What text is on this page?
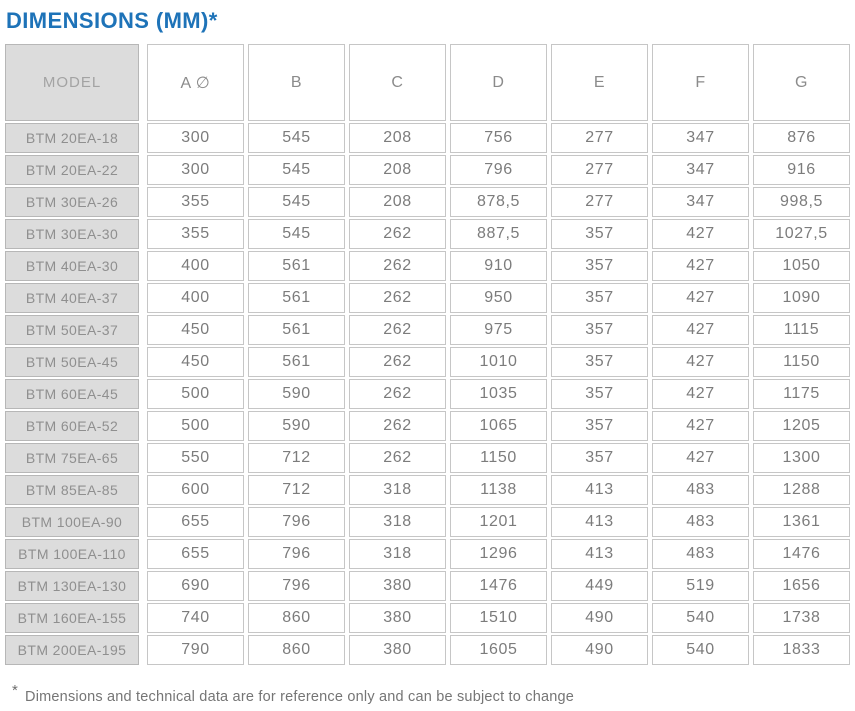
DIMENSIONS (MM)*
MODEL	A ∅	B	C	D	E	F	G
BTM 20EA-18	300	545	208	756	277	347	876
BTM 20EA-22	300	545	208	796	277	347	916
BTM 30EA-26	355	545	208	878,5	277	347	998,5
BTM 30EA-30	355	545	262	887,5	357	427	1027,5
BTM 40EA-30	400	561	262	910	357	427	1050
BTM 40EA-37	400	561	262	950	357	427	1090
BTM 50EA-37	450	561	262	975	357	427	1115
BTM 50EA-45	450	561	262	1010	357	427	1150
BTM 60EA-45	500	590	262	1035	357	427	1175
BTM 60EA-52	500	590	262	1065	357	427	1205
BTM 75EA-65	550	712	262	1150	357	427	1300
BTM 85EA-85	600	712	318	1138	413	483	1288
BTM 100EA-90	655	796	318	1201	413	483	1361
BTM 100EA-110	655	796	318	1296	413	483	1476
BTM 130EA-130	690	796	380	1476	449	519	1656
BTM 160EA-155	740	860	380	1510	490	540	1738
BTM 200EA-195	790	860	380	1605	490	540	1833

* Dimensions and technical data are for reference only and can be subject to change
